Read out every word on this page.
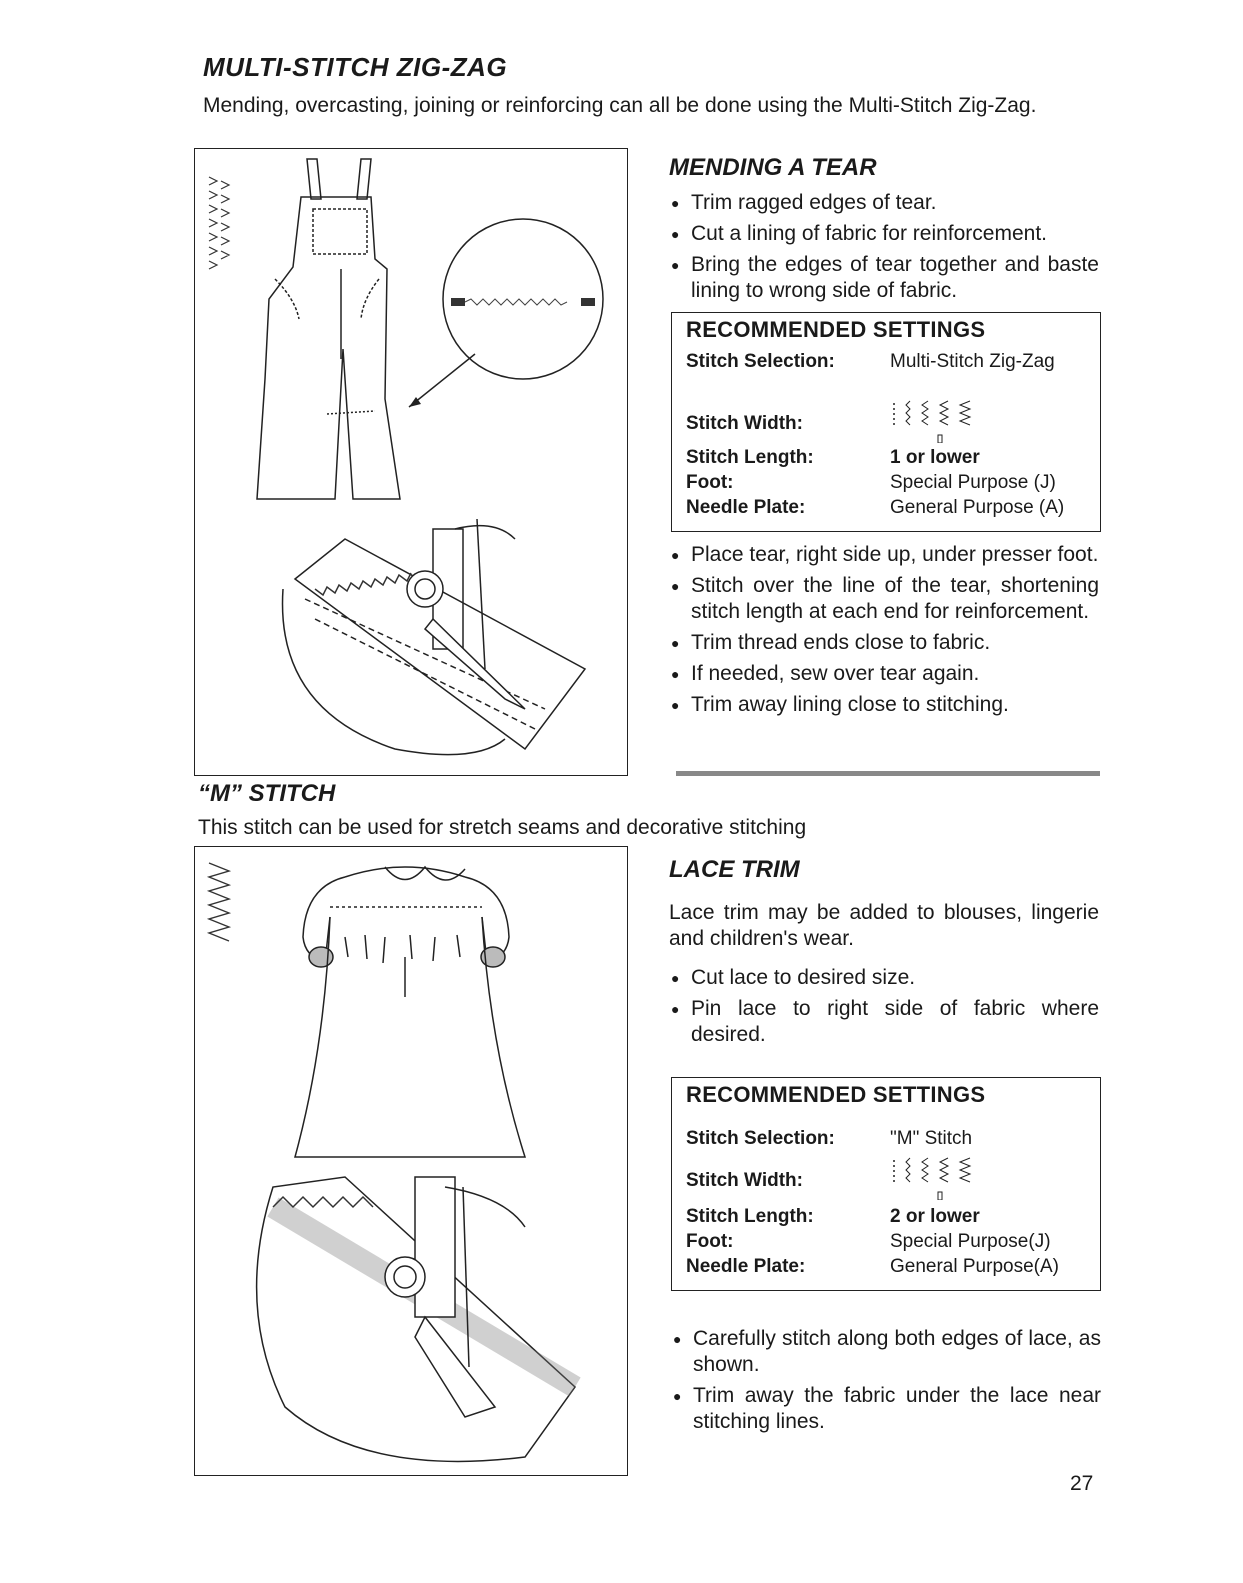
MULTI-STITCH ZIG-ZAG
Mending, overcasting, joining or reinforcing can all be done using the Multi-Stitch Zig-Zag.
MENDING A TEAR
● Trim ragged edges of tear.
● Cut a lining of fabric for reinforcement.
● Bring the edges of tear together and baste lining to wrong side of fabric.
RECOMMENDED SETTINGS
Stitch Selection:	Multi-Stitch Zig-Zag
Stitch Width:
Stitch Length:	1 or lower
Foot:	Special Purpose (J)
Needle Plate:	General Purpose (A)
● Place tear, right side up, under presser foot.
● Stitch over the line of the tear, shortening stitch length at each end for reinforcement.
● Trim thread ends close to fabric.
● If needed, sew over tear again.
● Trim away lining close to stitching.
“M” STITCH
This stitch can be used for stretch seams and decorative stitching
LACE TRIM
Lace trim may be added to blouses, lingerie and children's wear.
● Cut lace to desired size.
● Pin lace to right side of fabric where desired.
RECOMMENDED SETTINGS
Stitch Selection:	"M" Stitch
Stitch Width:
Stitch Length:	2 or lower
Foot:	Special Purpose(J)
Needle Plate:	General Purpose(A)
● Carefully stitch along both edges of lace, as shown.
● Trim away the fabric under the lace near stitching lines.
27
